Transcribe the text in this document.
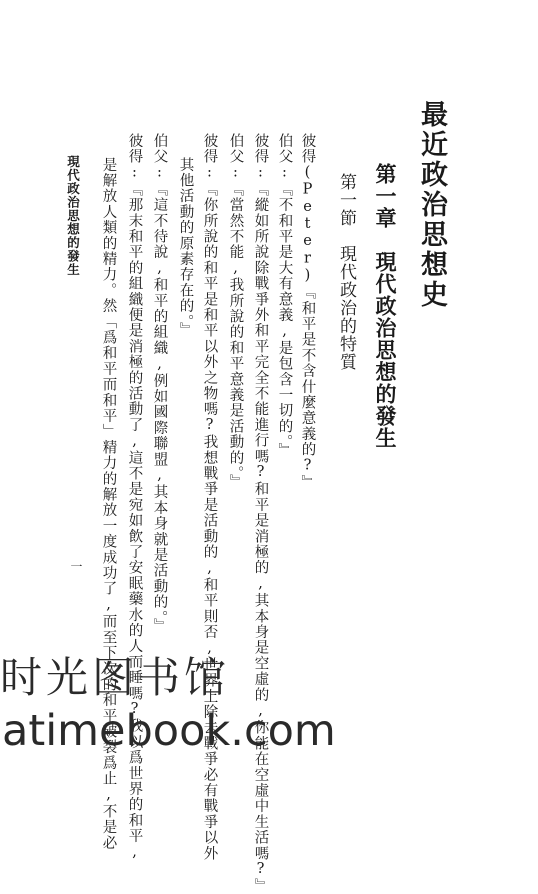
最近政治思想史
第一章　現代政治思想的發生
第一節　現代政治的特質
彼得(Peter)『和平是不含什麼意義的?』
伯父:『不和平是大有意義,是包含一切的。』
彼得:『縱如所說除戰爭外和平完全不能進行嗎?和平是消極的,其本身是空虛的,你能在空虛中生活嗎?』
伯父:『當然不能,我所說的和平意義是活動的。』
彼得:『你所說的和平是和平以外之物嗎?我想戰爭是活動的,和平則否,世界上除去戰爭必有戰爭以外
其他活動的原素存在的。』
伯父:『這不待說,和平的組織,例如國際聯盟,其本身就是活動的。』
彼得:『那末和平的組織便是消極的活動了,這不是宛如飲了安眠藥水的人而睡嗎?我以爲世界的和平,
是解放人類的精力。然「爲和平而和平」精力的解放一度成功了,而至下次的和平破裂爲止,不是必
現代政治思想的發生
一
时光图书馆
atimebook.com
